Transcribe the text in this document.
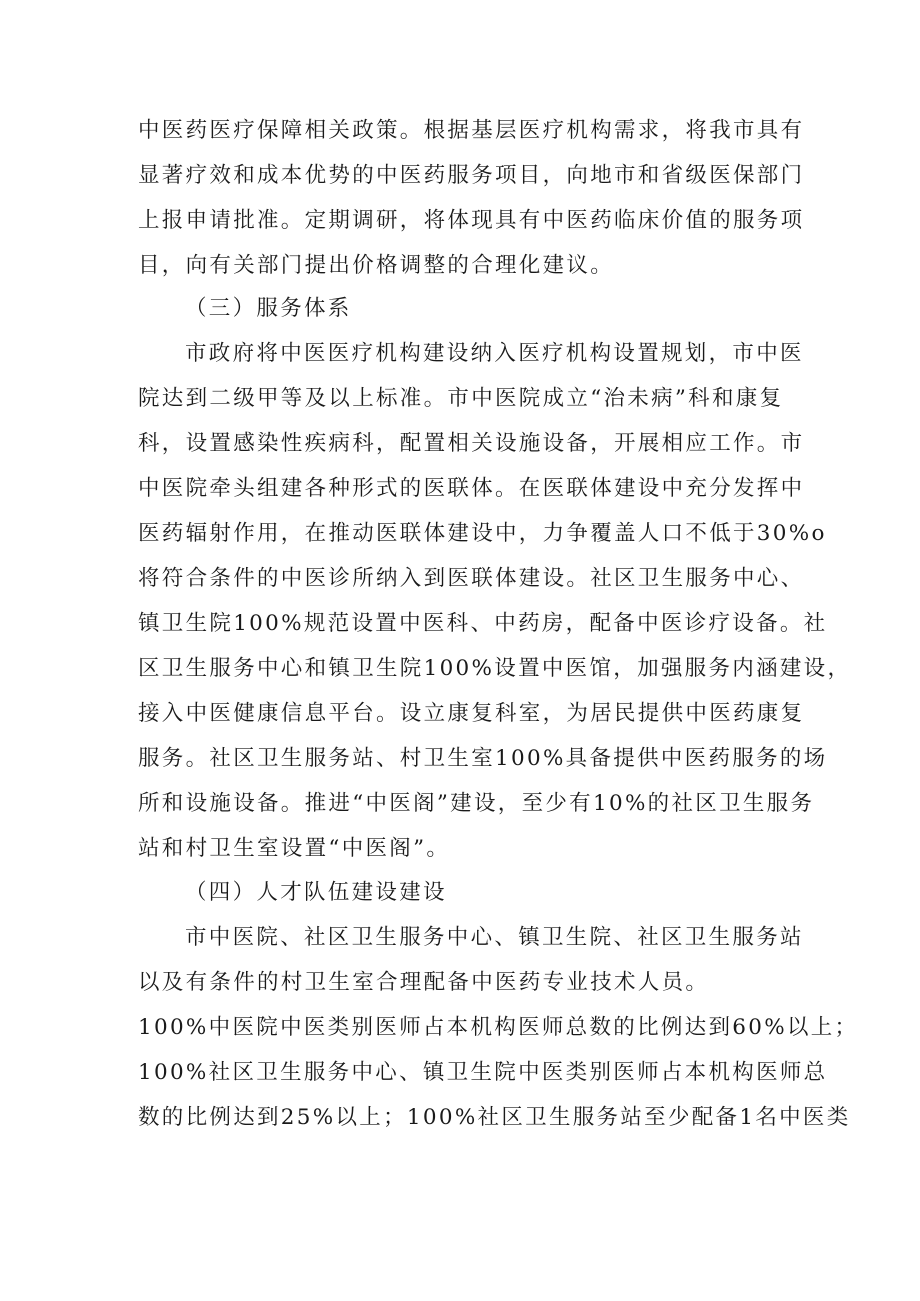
中医药医疗保障相关政策。根据基层医疗机构需求，将我市具有
显著疗效和成本优势的中医药服务项目，向地市和省级医保部门
上报申请批准。定期调研，将体现具有中医药临床价值的服务项
目，向有关部门提出价格调整的合理化建议。
（三）服务体系
市政府将中医医疗机构建设纳入医疗机构设置规划，市中医
院达到二级甲等及以上标准。市中医院成立“治未病”科和康复
科，设置感染性疾病科，配置相关设施设备，开展相应工作。市
中医院牵头组建各种形式的医联体。在医联体建设中充分发挥中
医药辐射作用，在推动医联体建设中，力争覆盖人口不低于30%o
将符合条件的中医诊所纳入到医联体建设。社区卫生服务中心、
镇卫生院100%规范设置中医科、中药房，配备中医诊疗设备。社
区卫生服务中心和镇卫生院100%设置中医馆，加强服务内涵建设，
接入中医健康信息平台。设立康复科室，为居民提供中医药康复
服务。社区卫生服务站、村卫生室100%具备提供中医药服务的场
所和设施设备。推进“中医阁”建设，至少有10%的社区卫生服务
站和村卫生室设置“中医阁”。
（四）人才队伍建设建设
市中医院、社区卫生服务中心、镇卫生院、社区卫生服务站
以及有条件的村卫生室合理配备中医药专业技术人员。
100%中医院中医类别医师占本机构医师总数的比例达到60%以上；
100%社区卫生服务中心、镇卫生院中医类别医师占本机构医师总
数的比例达到25%以上；100%社区卫生服务站至少配备1名中医类
